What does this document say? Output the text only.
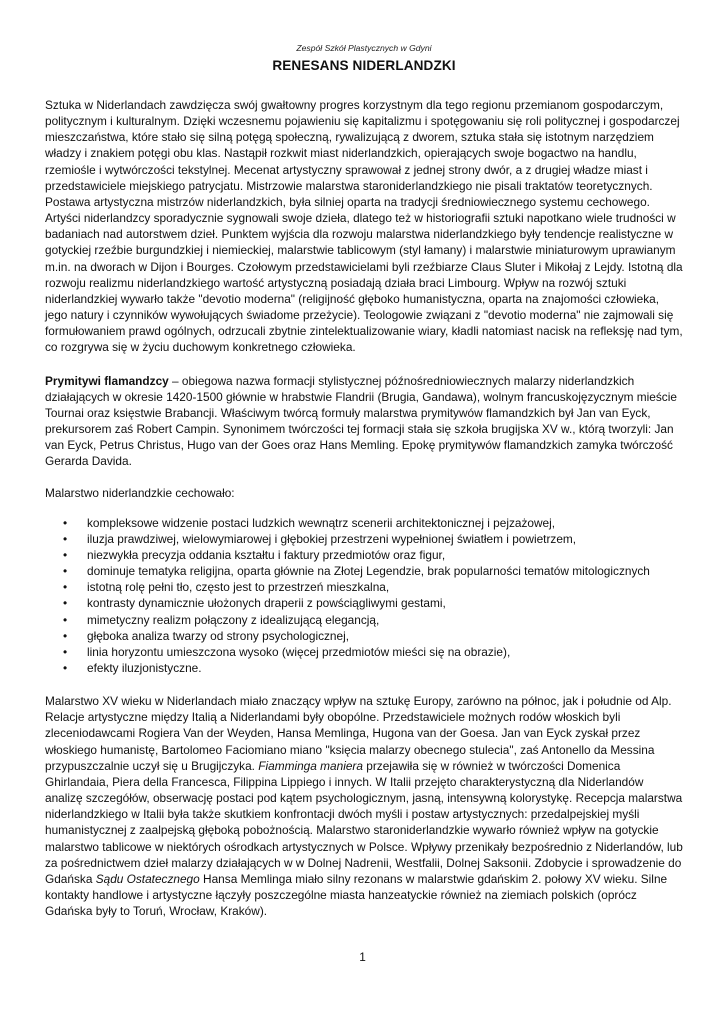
Zespół Szkół Plastycznych w Gdyni

RENESANS NIDERLANDZKI

Sztuka w Niderlandach zawdzięcza swój gwałtowny progres korzystnym dla tego regionu przemianom gospodarczym, politycznym i kulturalnym. Dzięki wczesnemu pojawieniu się kapitalizmu i spotęgowaniu się roli politycznej i gospodarczej mieszczaństwa, które stało się silną potęgą społeczną, rywalizującą z dworem, sztuka stała się istotnym narzędziem władzy i znakiem potęgi obu klas. Nastąpił rozkwit miast niderlandzkich, opierających swoje bogactwo na handlu, rzemiośle i wytwórczości tekstylnej. Mecenat artystyczny sprawował z jednej strony dwór, a z drugiej władze miast i przedstawiciele miejskiego patrycjatu. Mistrzowie malarstwa staroniderlandzkiego nie pisali traktatów teoretycznych. Postawa artystyczna mistrzów niderlandzkich, była silniej oparta na tradycji średniowiecznego systemu cechowego. Artyści niderlandzcy sporadycznie sygnowali swoje dzieła, dlatego też w historiografii sztuki napotkano wiele trudności w badaniach nad autorstwem dzieł. Punktem wyjścia dla rozwoju malarstwa niderlandzkiego były tendencje realistyczne w gotyckiej rzeźbie burgundzkiej i niemieckiej, malarstwie tablicowym (styl łamany) i malarstwie miniaturowym uprawianym m.in. na dworach w Dijon i Bourges. Czołowym przedstawicielami byli rzeźbiarze Claus Sluter i Mikołaj z Lejdy. Istotną dla rozwoju realizmu niderlandzkiego wartość artystyczną posiadają działa braci Limbourg. Wpływ na rozwój sztuki niderlandzkiej wywarło także "devotio moderna" (religijność głęboko humanistyczna, oparta na znajomości człowieka, jego natury i czynników wywołujących świadome przeżycie). Teologowie związani z "devotio moderna" nie zajmowali się formułowaniem prawd ogólnych, odrzucali zbytnie zintelektualizowanie wiary, kładli natomiast nacisk na refleksję nad tym, co rozgrywa się w życiu duchowym konkretnego człowieka.

Prymitywi flamandzcy – obiegowa nazwa formacji stylistycznej późnośredniowiecznych malarzy niderlandzkich działających w okresie 1420-1500 głównie w hrabstwie Flandrii (Brugia, Gandawa), wolnym francuskojęzycznym mieście Tournai oraz księstwie Brabancji. Właściwym twórcą formuły malarstwa prymitywów flamandzkich był Jan van Eyck, prekursorem zaś Robert Campin. Synonimem twórczości tej formacji stała się szkoła brugijska XV w., którą tworzyli: Jan van Eyck, Petrus Christus, Hugo van der Goes oraz Hans Memling. Epokę prymitywów flamandzkich zamyka twórczość Gerarda Davida.

Malarstwo niderlandzkie cechowało:

• kompleksowe widzenie postaci ludzkich wewnątrz scenerii architektonicznej i pejzażowej,
• iluzja prawdziwej, wielowymiarowej i głębokiej przestrzeni wypełnionej światłem i powietrzem,
• niezwykła precyzja oddania kształtu i faktury przedmiotów oraz figur,
• dominuje tematyka religijna, oparta głównie na Złotej Legendzie, brak popularności tematów mitologicznych
• istotną rolę pełni tło, często jest to przestrzeń mieszkalna,
• kontrasty dynamicznie ułożonych draperii z powściągliwymi gestami,
• mimetyczny realizm połączony z idealizującą elegancją,
• głęboka analiza twarzy od strony psychologicznej,
• linia horyzontu umieszczona wysoko (więcej przedmiotów mieści się na obrazie),
• efekty iluzjonistyczne.

Malarstwo XV wieku w Niderlandach miało znaczący wpływ na sztukę Europy, zarówno na północ, jak i południe od Alp. Relacje artystyczne między Italią a Niderlandami były obopólne. Przedstawiciele możnych rodów włoskich byli zleceniodawcami Rogiera Van der Weyden, Hansa Memlinga, Hugona van der Goesa. Jan van Eyck zyskał przez włoskiego humanistę, Bartolomeo Faciomiano miano "księcia malarzy obecnego stulecia", zaś Antonello da Messina przypuszczalnie uczył się u Brugijczyka. Fiamminga maniera przejawiła się w również w twórczości Domenica Ghirlandaia, Piera della Francesca, Filippina Lippiego i innych. W Italii przejęto charakterystyczną dla Niderlandów analizę szczegółów, obserwację postaci pod kątem psychologicznym, jasną, intensywną kolorystykę. Recepcja malarstwa niderlandzkiego w Italii była także skutkiem konfrontacji dwóch myśli i postaw artystycznych: przedalpejskiej myśli humanistycznej z zaalpejską głęboką pobożnością. Malarstwo staroniderlandzkie wywarło również wpływ na gotyckie malarstwo tablicowe w niektórych ośrodkach artystycznych w Polsce. Wpływy przenikały bezpośrednio z Niderlandów, lub za pośrednictwem dzieł malarzy działających w w Dolnej Nadrenii, Westfalii, Dolnej Saksonii. Zdobycie i sprowadzenie do Gdańska Sądu Ostatecznego Hansa Memlinga miało silny rezonans w malarstwie gdańskim 2. połowy XV wieku. Silne kontakty handlowe i artystyczne łączyły poszczególne miasta hanzeatyckie również na ziemiach polskich (oprócz Gdańska były to Toruń, Wrocław, Kraków).

1
